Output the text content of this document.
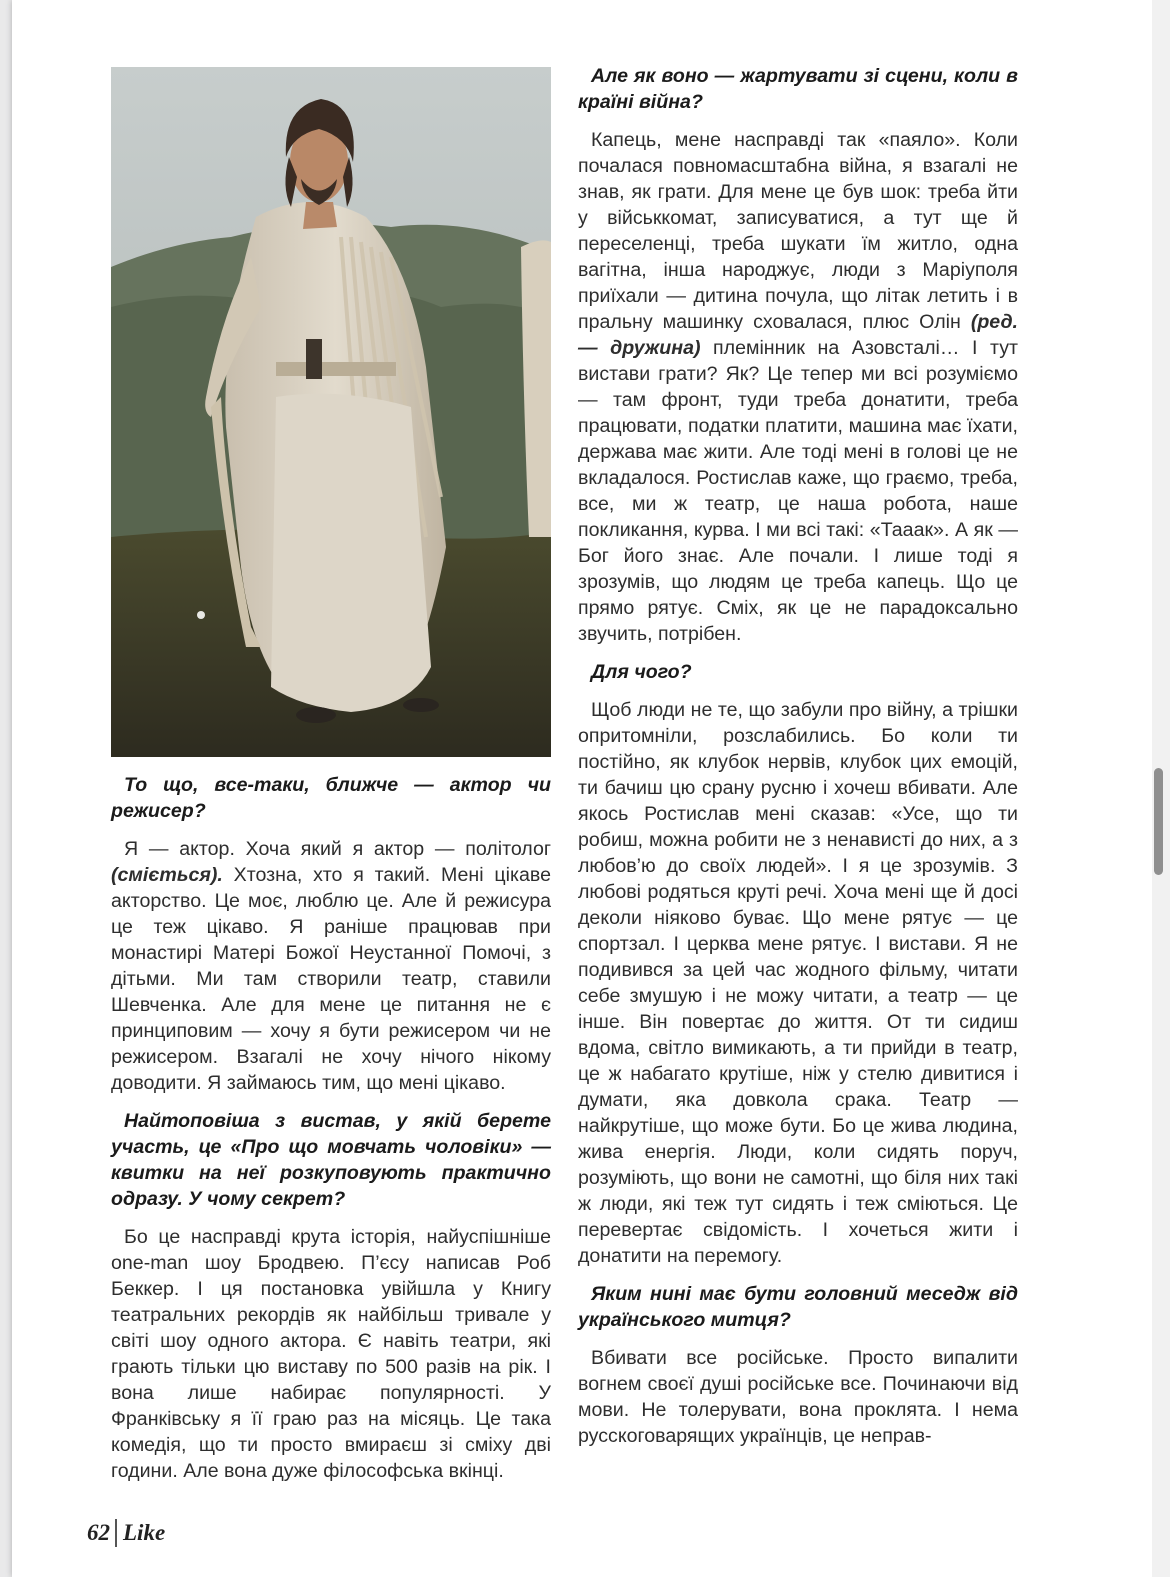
То що, все-таки, ближче — актор чи режисер?

Я — актор. Хоча який я актор — політолог (сміється). Хтозна, хто я такий. Мені цікаве акторство. Це моє, люблю це. Але й режисура це теж цікаво. Я раніше працював при монастирі Матері Божої Неустанної Помочі, з дітьми. Ми там створили театр, ставили Шевченка. Але для мене це питання не є принциповим — хочу я бути режисером чи не режисером. Взагалі не хочу нічого нікому доводити. Я займаюсь тим, що мені цікаво.

Найтоповіша з вистав, у якій берете участь, це «Про що мовчать чоловіки» — квитки на неї розкуповують практично одразу. У чому секрет?

Бо це насправді крута історія, найуспішніше one-man шоу Бродвею. П’єсу написав Роб Беккер. І ця постановка увійшла у Книгу театральних рекордів як найбільш тривале у світі шоу одного актора. Є навіть театри, які грають тільки цю виставу по 500 разів на рік. І вона лише набирає популярності. У Франківську я її граю раз на місяць. Це така комедія, що ти просто вмираєш зі сміху дві години. Але вона дуже філософська вкінці.

Але як воно — жартувати зі сцени, коли в країні війна?

Капець, мене насправді так «паяло». Коли почалася повномасштабна війна, я взагалі не знав, як грати. Для мене це був шок: треба йти у військкомат, записуватися, а тут ще й переселенці, треба шукати їм житло, одна вагітна, інша народжує, люди з Маріуполя приїхали — дитина почула, що літак летить і в пральну машинку сховалася, плюс Олін (ред. — дружина) племінник на Азовсталі… І тут вистави грати? Як? Це тепер ми всі розуміємо — там фронт, туди треба донатити, треба працювати, податки платити, машина має їхати, держава має жити. Але тоді мені в голові це не вкладалося. Ростислав каже, що граємо, треба, все, ми ж театр, це наша робота, наше покликання, курва. І ми всі такі: «Тааак». А як — Бог його знає. Але почали. І лише тоді я зрозумів, що людям це треба капець. Що це прямо рятує. Сміх, як це не парадоксально звучить, потрібен.

Для чого?

Щоб люди не те, що забули про війну, а трішки опритомніли, розслабились. Бо коли ти постійно, як клубок нервів, клубок цих емоцій, ти бачиш цю срану русню і хочеш вбивати. Але якось Ростислав мені сказав: «Усе, що ти робиш, можна робити не з ненависті до них, а з любов’ю до своїх людей». І я це зрозумів. З любові родяться круті речі. Хоча мені ще й досі деколи ніяково буває. Що мене рятує — це спортзал. І церква мене рятує. І вистави. Я не подивився за цей час жодного фільму, читати себе змушую і не можу читати, а театр — це інше. Він повертає до життя. От ти сидиш вдома, світло вимикають, а ти прийди в театр, це ж набагато крутіше, ніж у стелю дивитися і думати, яка довкола срака. Театр — найкрутіше, що може бути. Бо це жива людина, жива енергія. Люди, коли сидять поруч, розуміють, що вони не самотні, що біля них такі ж люди, які теж тут сидять і теж сміються. Це перевертає свідомість. І хочеться жити і донатити на перемогу.

Яким нині має бути головний меседж від українського митця?

Вбивати все російське. Просто випалити вогнем своєї душі російське все. Починаючи від мови. Не толерувати, вона проклята. І нема русскоговарящих українців, це неправ-

62 Like
